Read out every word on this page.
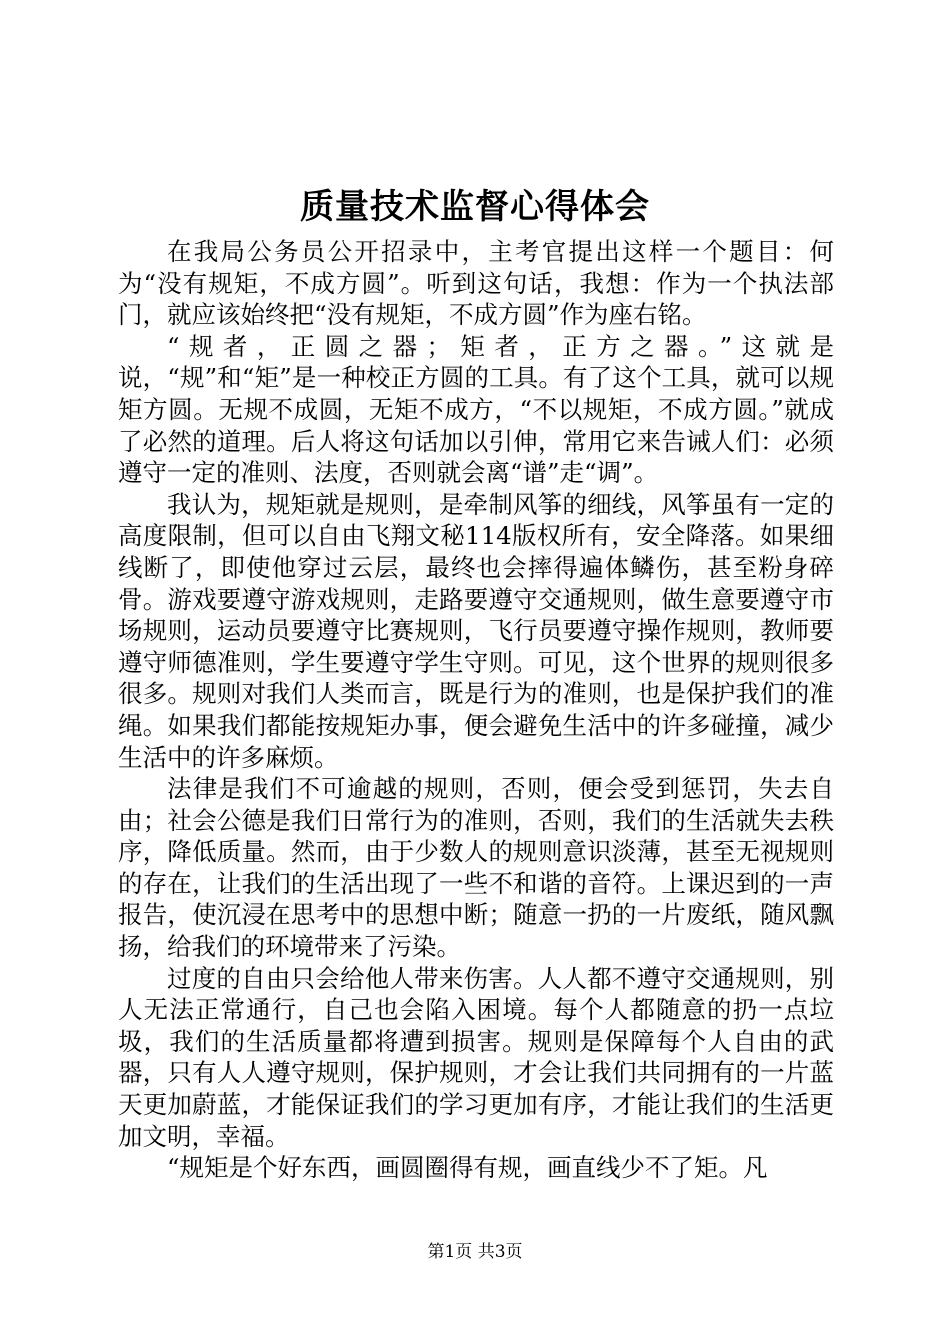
质量技术监督心得体会

在我局公务员公开招录中，主考官提出这样一个题目：何为“没有规矩，不成方圆”。听到这句话，我想：作为一个执法部门，就应该始终把“没有规矩，不成方圆”作为座右铭。

“规者，正圆之器；矩者，正方之器。”这就是说，“规”和“矩”是一种校正方圆的工具。有了这个工具，就可以规矩方圆。无规不成圆，无矩不成方，“不以规矩，不成方圆。”就成了必然的道理。后人将这句话加以引伸，常用它来告诫人们：必须遵守一定的准则、法度，否则就会离“谱”走“调”。

我认为，规矩就是规则，是牵制风筝的细线，风筝虽有一定的高度限制，但可以自由飞翔文秘114版权所有，安全降落。如果细线断了，即使他穿过云层，最终也会摔得遍体鳞伤，甚至粉身碎骨。游戏要遵守游戏规则，走路要遵守交通规则，做生意要遵守市场规则，运动员要遵守比赛规则，飞行员要遵守操作规则，教师要遵守师德准则，学生要遵守学生守则。可见，这个世界的规则很多很多。规则对我们人类而言，既是行为的准则，也是保护我们的准绳。如果我们都能按规矩办事，便会避免生活中的许多碰撞，减少生活中的许多麻烦。

法律是我们不可逾越的规则，否则，便会受到惩罚，失去自由；社会公德是我们日常行为的准则，否则，我们的生活就失去秩序，降低质量。然而，由于少数人的规则意识淡薄，甚至无视规则的存在，让我们的生活出现了一些不和谐的音符。上课迟到的一声报告，使沉浸在思考中的思想中断；随意一扔的一片废纸，随风飘扬，给我们的环境带来了污染。

过度的自由只会给他人带来伤害。人人都不遵守交通规则，别人无法正常通行，自己也会陷入困境。每个人都随意的扔一点垃圾，我们的生活质量都将遭到损害。规则是保障每个人自由的武器，只有人人遵守规则，保护规则，才会让我们共同拥有的一片蓝天更加蔚蓝，才能保证我们的学习更加有序，才能让我们的生活更加文明，幸福。

“规矩是个好东西，画圆圈得有规，画直线少不了矩。凡

第1页 共3页
